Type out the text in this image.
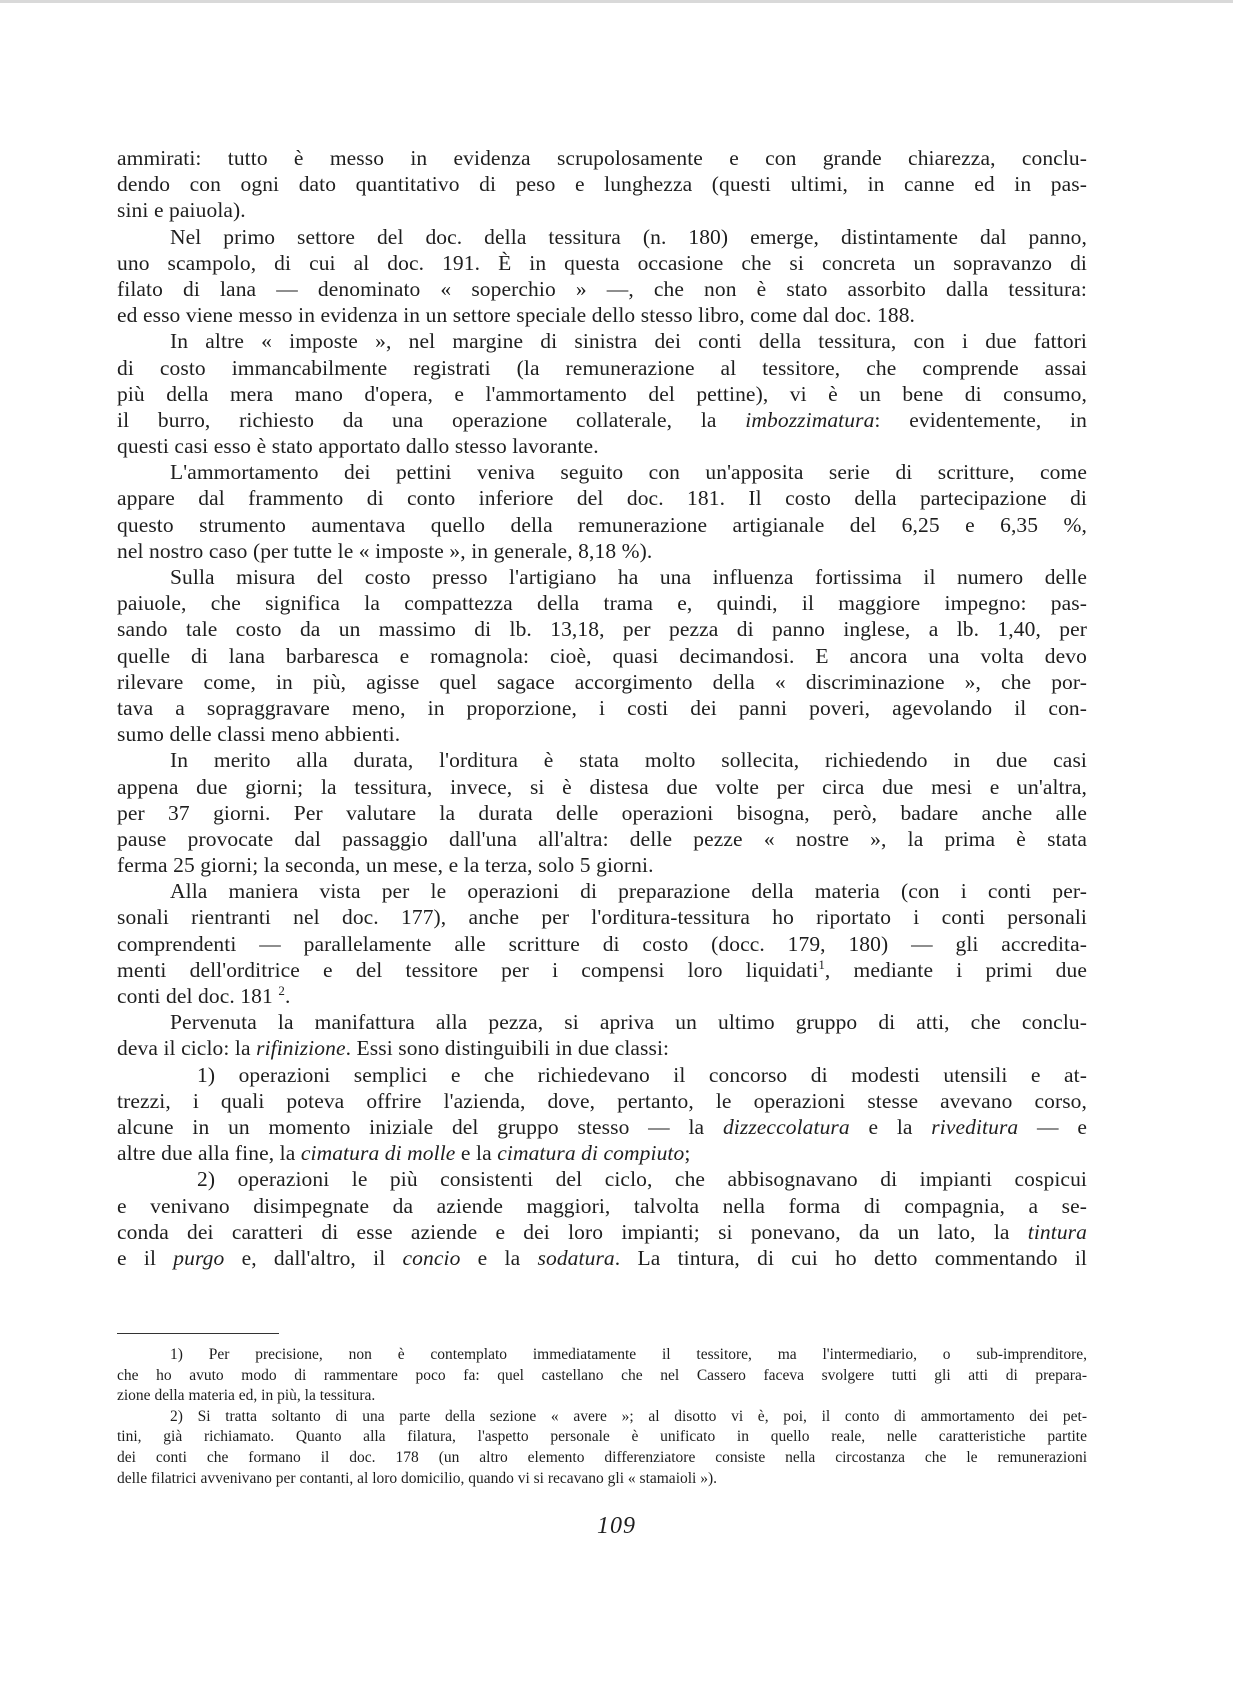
ammirati: tutto è messo in evidenza scrupolosamente e con grande chiarezza, conclu-
dendo con ogni dato quantitativo di peso e lunghezza (questi ultimi, in canne ed in pas-
sini e paiuola).
Nel primo settore del doc. della tessitura (n. 180) emerge, distintamente dal panno,
uno scampolo, di cui al doc. 191. È in questa occasione che si concreta un sopravanzo di
filato di lana — denominato « soperchio » —, che non è stato assorbito dalla tessitura:
ed esso viene messo in evidenza in un settore speciale dello stesso libro, come dal doc. 188.
In altre « imposte », nel margine di sinistra dei conti della tessitura, con i due fattori
di costo immancabilmente registrati (la remunerazione al tessitore, che comprende assai
più della mera mano d'opera, e l'ammortamento del pettine), vi è un bene di consumo,
il burro, richiesto da una operazione collaterale, la imbozzimatura: evidentemente, in
questi casi esso è stato apportato dallo stesso lavorante.
L'ammortamento dei pettini veniva seguito con un'apposita serie di scritture, come
appare dal frammento di conto inferiore del doc. 181. Il costo della partecipazione di
questo strumento aumentava quello della remunerazione artigianale del 6,25 e 6,35 %,
nel nostro caso (per tutte le « imposte », in generale, 8,18 %).
Sulla misura del costo presso l'artigiano ha una influenza fortissima il numero delle
paiuole, che significa la compattezza della trama e, quindi, il maggiore impegno: pas-
sando tale costo da un massimo di lb. 13,18, per pezza di panno inglese, a lb. 1,40, per
quelle di lana barbaresca e romagnola: cioè, quasi decimandosi. E ancora una volta devo
rilevare come, in più, agisse quel sagace accorgimento della « discriminazione », che por-
tava a sopraggravare meno, in proporzione, i costi dei panni poveri, agevolando il con-
sumo delle classi meno abbienti.
In merito alla durata, l'orditura è stata molto sollecita, richiedendo in due casi
appena due giorni; la tessitura, invece, si è distesa due volte per circa due mesi e un'altra,
per 37 giorni. Per valutare la durata delle operazioni bisogna, però, badare anche alle
pause provocate dal passaggio dall'una all'altra: delle pezze « nostre », la prima è stata
ferma 25 giorni; la seconda, un mese, e la terza, solo 5 giorni.
Alla maniera vista per le operazioni di preparazione della materia (con i conti per-
sonali rientranti nel doc. 177), anche per l'orditura-tessitura ho riportato i conti personali
comprendenti — parallelamente alle scritture di costo (docc. 179, 180) — gli accredita-
menti dell'orditrice e del tessitore per i compensi loro liquidati$^1$, mediante i primi due
conti del doc. 181 $^2$.
Pervenuta la manifattura alla pezza, si apriva un ultimo gruppo di atti, che conclu-
deva il ciclo: la rifinizione. Essi sono distinguibili in due classi:
1) operazioni semplici e che richiedevano il concorso di modesti utensili e at-
trezzi, i quali poteva offrire l'azienda, dove, pertanto, le operazioni stesse avevano corso,
alcune in un momento iniziale del gruppo stesso — la dizzeccolatura e la riveditura — e
altre due alla fine, la cimatura di molle e la cimatura di compiuto;
2) operazioni le più consistenti del ciclo, che abbisognavano di impianti cospicui
e venivano disimpegnate da aziende maggiori, talvolta nella forma di compagnia, a se-
conda dei caratteri di esse aziende e dei loro impianti; si ponevano, da un lato, la tintura
e il purgo e, dall'altro, il concio e la sodatura. La tintura, di cui ho detto commentando il
1) Per precisione, non è contemplato immediatamente il tessitore, ma l'intermediario, o sub-imprenditore,
che ho avuto modo di rammentare poco fa: quel castellano che nel Cassero faceva svolgere tutti gli atti di prepara-
zione della materia ed, in più, la tessitura.
2) Si tratta soltanto di una parte della sezione « avere »; al disotto vi è, poi, il conto di ammortamento dei pet-
tini, già richiamato. Quanto alla filatura, l'aspetto personale è unificato in quello reale, nelle caratteristiche partite
dei conti che formano il doc. 178 (un altro elemento differenziatore consiste nella circostanza che le remunerazioni
delle filatrici avvenivano per contanti, al loro domicilio, quando vi si recavano gli « stamaioli »).
109
